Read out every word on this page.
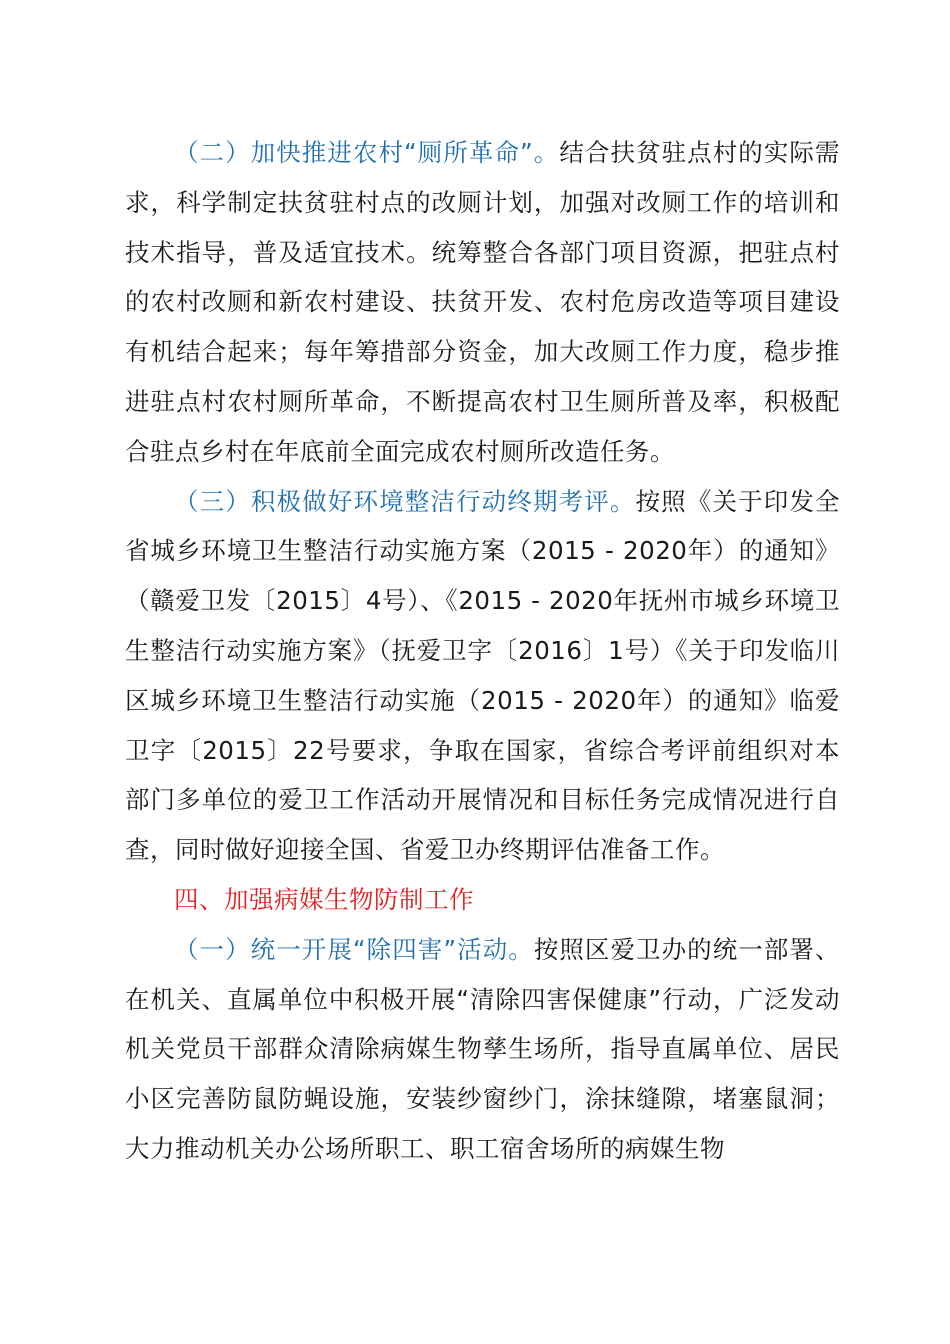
（二）加快推进农村“厕所革命”。结合扶贫驻点村的实际需求，科学制定扶贫驻村点的改厕计划，加强对改厕工作的培训和技术指导，普及适宜技术。统筹整合各部门项目资源，把驻点村的农村改厕和新农村建设、扶贫开发、农村危房改造等项目建设有机结合起来；每年筹措部分资金，加大改厕工作力度，稳步推进驻点村农村厕所革命，不断提高农村卫生厕所普及率，积极配合驻点乡村在年底前全面完成农村厕所改造任务。

（三）积极做好环境整洁行动终期考评。按照《关于印发全省城乡环境卫生整洁行动实施方案（2015 - 2020年）的通知》（赣爱卫发〔2015〕4号）、《2015 - 2020年抚州市城乡环境卫生整洁行动实施方案》（抚爱卫字〔2016〕1号）《关于印发临川区城乡环境卫生整洁行动实施（2015 - 2020年）的通知》临爱卫字〔2015〕22号要求，争取在国家，省综合考评前组织对本部门多单位的爱卫工作活动开展情况和目标任务完成情况进行自查，同时做好迎接全国、省爱卫办终期评估准备工作。

四、加强病媒生物防制工作

（一）统一开展“除四害”活动。按照区爱卫办的统一部署、在机关、直属单位中积极开展“清除四害保健康”行动，广泛发动机关党员干部群众清除病媒生物孳生场所，指导直属单位、居民小区完善防鼠防蝇设施，安装纱窗纱门，涂抹缝隙，堵塞鼠洞；大力推动机关办公场所职工、职工宿舍场所的病媒生物
